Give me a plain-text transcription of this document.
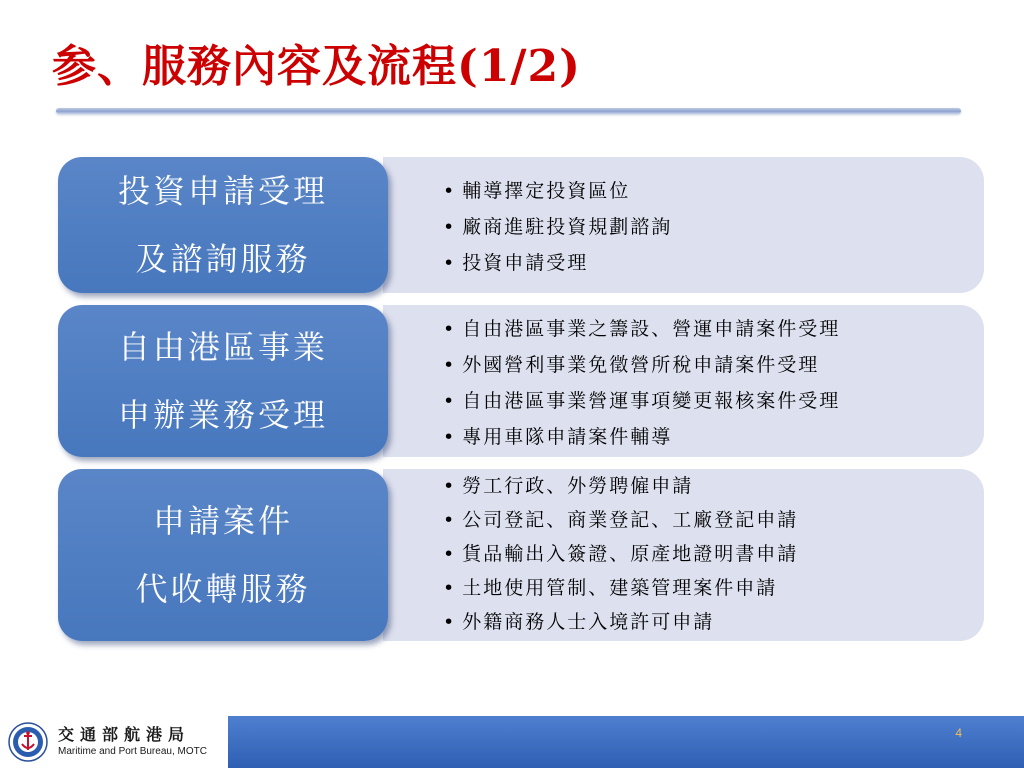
参、服務內容及流程(1/2)
• 輔導擇定投資區位
• 廠商進駐投資規劃諮詢
• 投資申請受理
投資申請受理
及諮詢服務
• 自由港區事業之籌設、營運申請案件受理
• 外國營利事業免徵營所稅申請案件受理
• 自由港區事業營運事項變更報核案件受理
• 專用車隊申請案件輔導
自由港區事業
申辦業務受理
• 勞工行政、外勞聘僱申請
• 公司登記、商業登記、工廠登記申請
• 貨品輸出入簽證、原產地證明書申請
• 土地使用管制、建築管理案件申請
• 外籍商務人士入境許可申請
申請案件
代收轉服務
交通部航港局
Maritime and Port Bureau, MOTC
4
